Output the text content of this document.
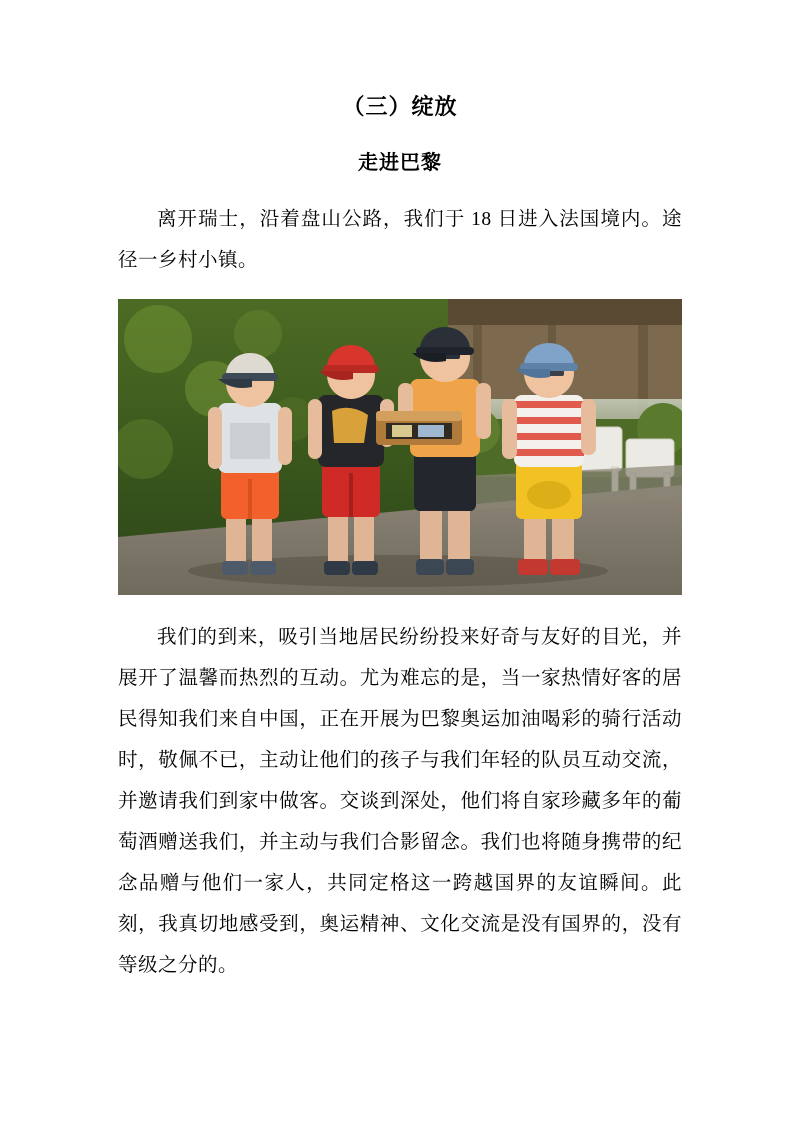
（三）绽放
走进巴黎

离开瑞士，沿着盘山公路，我们于 18 日进入法国境内。途径一乡村小镇。

我们的到来，吸引当地居民纷纷投来好奇与友好的目光，并展开了温馨而热烈的互动。尤为难忘的是，当一家热情好客的居民得知我们来自中国，正在开展为巴黎奥运加油喝彩的骑行活动时，敬佩不已，主动让他们的孩子与我们年轻的队员互动交流，并邀请我们到家中做客。交谈到深处，他们将自家珍藏多年的葡萄酒赠送我们，并主动与我们合影留念。我们也将随身携带的纪念品赠与他们一家人，共同定格这一跨越国界的友谊瞬间。此刻，我真切地感受到，奥运精神、文化交流是没有国界的，没有等级之分的。
